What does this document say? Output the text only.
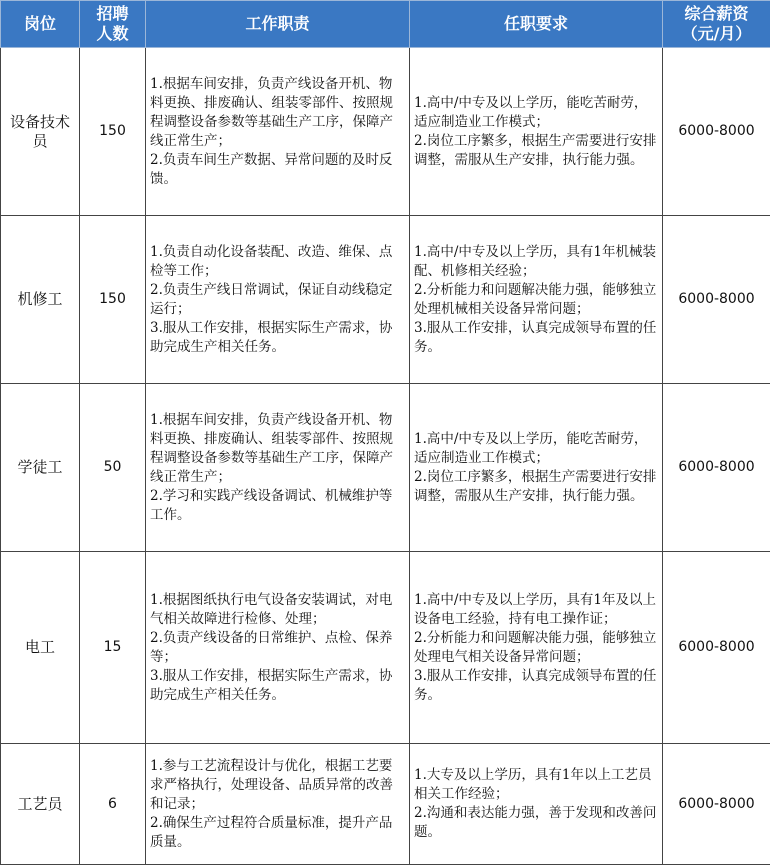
岗位	招聘
人数	工作职责	任职要求	综合薪资
（元/月）
设备技术
员	150	1.根据车间安排，负责产线设备开机、物料更换、排废确认、组装零部件、按照规程调整设备参数等基础生产工序，保障产线正常生产；
2.负责车间生产数据、异常问题的及时反馈。	1.高中/中专及以上学历，能吃苦耐劳，适应制造业工作模式；
2.岗位工序繁多，根据生产需要进行安排调整，需服从生产安排，执行能力强。	6000-8000
机修工	150	1.负责自动化设备装配、改造、维保、点检等工作；
2.负责生产线日常调试，保证自动线稳定运行；
3.服从工作安排，根据实际生产需求，协助完成生产相关任务。	1.高中/中专及以上学历，具有1年机械装配、机修相关经验；
2.分析能力和问题解决能力强，能够独立处理机械相关设备异常问题；
3.服从工作安排，认真完成领导布置的任务。	6000-8000
学徒工	50	1.根据车间安排，负责产线设备开机、物料更换、排废确认、组装零部件、按照规程调整设备参数等基础生产工序，保障产线正常生产；
2.学习和实践产线设备调试、机械维护等工作。	1.高中/中专及以上学历，能吃苦耐劳，适应制造业工作模式；
2.岗位工序繁多，根据生产需要进行安排调整，需服从生产安排，执行能力强。	6000-8000
电工	15	1.根据图纸执行电气设备安装调试，对电气相关故障进行检修、处理；
2.负责产线设备的日常维护、点检、保养等；
3.服从工作安排，根据实际生产需求，协助完成生产相关任务。	1.高中/中专及以上学历，具有1年及以上设备电工经验，持有电工操作证；
2.分析能力和问题解决能力强，能够独立处理电气相关设备异常问题；
3.服从工作安排，认真完成领导布置的任务。	6000-8000
工艺员	6	1.参与工艺流程设计与优化，根据工艺要求严格执行，处理设备、品质异常的改善和记录；
2.确保生产过程符合质量标准，提升产品质量。	1.大专及以上学历，具有1年以上工艺员相关工作经验；
2.沟通和表达能力强，善于发现和改善问题。	6000-8000
